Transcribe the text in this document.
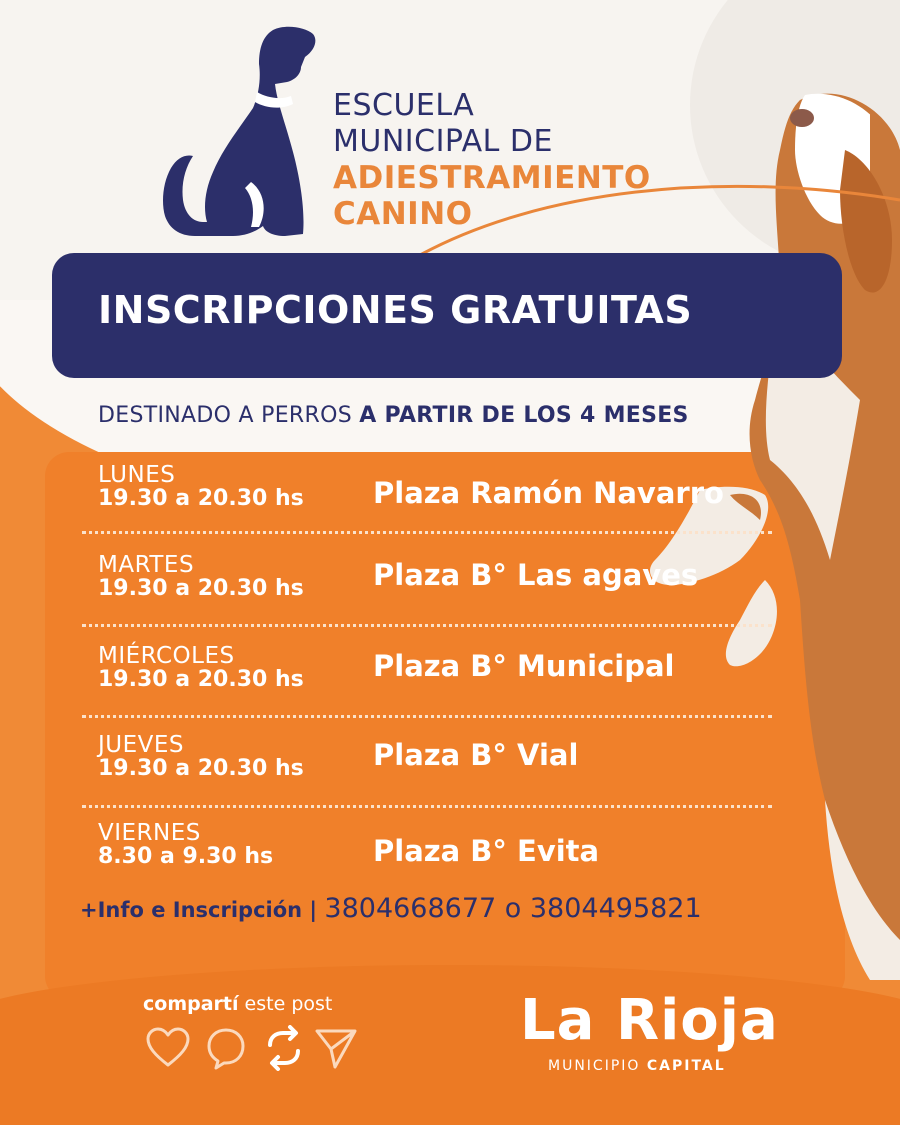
ESCUELA
MUNICIPAL DE
ADIESTRAMIENTO
CANINO
INSCRIPCIONES GRATUITAS
DESTINADO A PERROS A PARTIR DE LOS 4 MESES
LUNES
19.30 a 20.30 hs Plaza Ramón Navarro
MARTES
19.30 a 20.30 hs Plaza B° Las agaves
MIÉRCOLES
19.30 a 20.30 hs Plaza B° Municipal
JUEVES
19.30 a 20.30 hs Plaza B° Vial
VIERNES
8.30 a 9.30 hs	Plaza B° Evita
+Info e Inscripción | 3804668677 o 3804495821
compartí este post	La Rioja
MUNICIPIO CAPITAL
